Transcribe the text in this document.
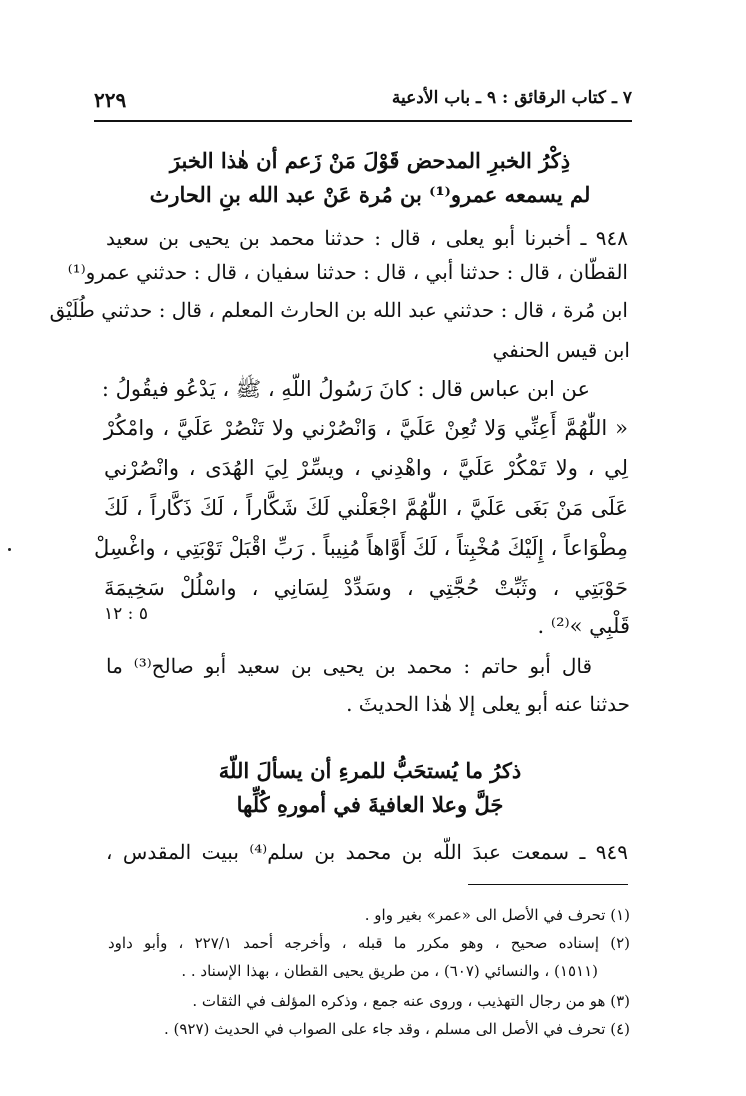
٧ ـ كتاب الرقائق : ٩ ـ باب الأدعية
٢٢٩
ذِكْرُ الخبرِ المدحض قَوْلَ مَنْ زَعم أن هٰذا الخبرَ
لم يسمعه عمرو⁽¹⁾ بن مُرة عَنْ عبد الله بنِ الحارث
٩٤٨ ـ أخبرنا أبو يعلى ، قال : حدثنا محمد بن يحيى بن سعيد
القطّان ، قال : حدثنا أبي ، قال : حدثنا سفيان ، قال : حدثني عمرو⁽¹⁾
ابن مُرة ، قال : حدثني عبد الله بن الحارث المعلم ، قال : حدثني طُلَيْق
ابن قيس الحنفي
عن ابن عباس قال : كانَ رَسُولُ اللّهِ ، ﷺ ، يَدْعُو فيقُولُ :
« اللّٰهُمَّ أَعِنِّي وَلا تُعِنْ عَلَيَّ ، وَانْصُرْني ولا تَنْصُرْ عَلَيَّ ، وامْكُرْ
لِي ، ولا تَمْكُرْ عَلَيَّ ، واهْدِني ، ويسِّرْ لِيَ الهُدَى ، وانْصُرْني
عَلَى مَنْ بَغَى عَلَيَّ ، اللّٰهُمَّ اجْعَلْني لَكَ شَكَّاراً ، لَكَ ذَكَّاراً ، لَكَ
مِطْوَاعاً ، إِلَيْكَ مُخْبِتاً ، لَكَ أَوَّاهاً مُنِيباً . رَبِّ اقْبَلْ تَوْبَتِي ، واغْسِلْ
حَوْبَتِي ، وثَبِّتْ حُجَّتِي ، وسَدِّدْ لِسَانِي ، واسْلُلْ سَخِيمَةَ
قَلْبِي »⁽²⁾ .
٥ : ١٢
قال أبو حاتم : محمد بن يحيى بن سعيد أبو صالح⁽³⁾ ما
حدثنا عنه أبو يعلى إلا هٰذا الحديثَ .
ذكرُ ما يُستحَبُّ للمرءِ أن يسألَ اللّهَ
جَلَّ وعلا العافيةَ في أمورهِ كُلِّها
٩٤٩ ـ سمعت عبدَ اللّه بن محمد بن سلم⁽⁴⁾ ببيت المقدس ،
(١) تحرف في الأصل الى «عمر» بغير واو .
(٢) إسناده صحيح ، وهو مكرر ما قبله ، وأخرجه أحمد ٢٢٧/١ ، وأبو داود
(١٥١١) ، والنسائي (٦٠٧) ، من طريق يحيى القطان ، بهذا الإسناد . .
(٣) هو من رجال التهذيب ، وروى عنه جمع ، وذكره المؤلف في الثقات .
(٤) تحرف في الأصل الى مسلم ، وقد جاء على الصواب في الحديث (٩٢٧) .
